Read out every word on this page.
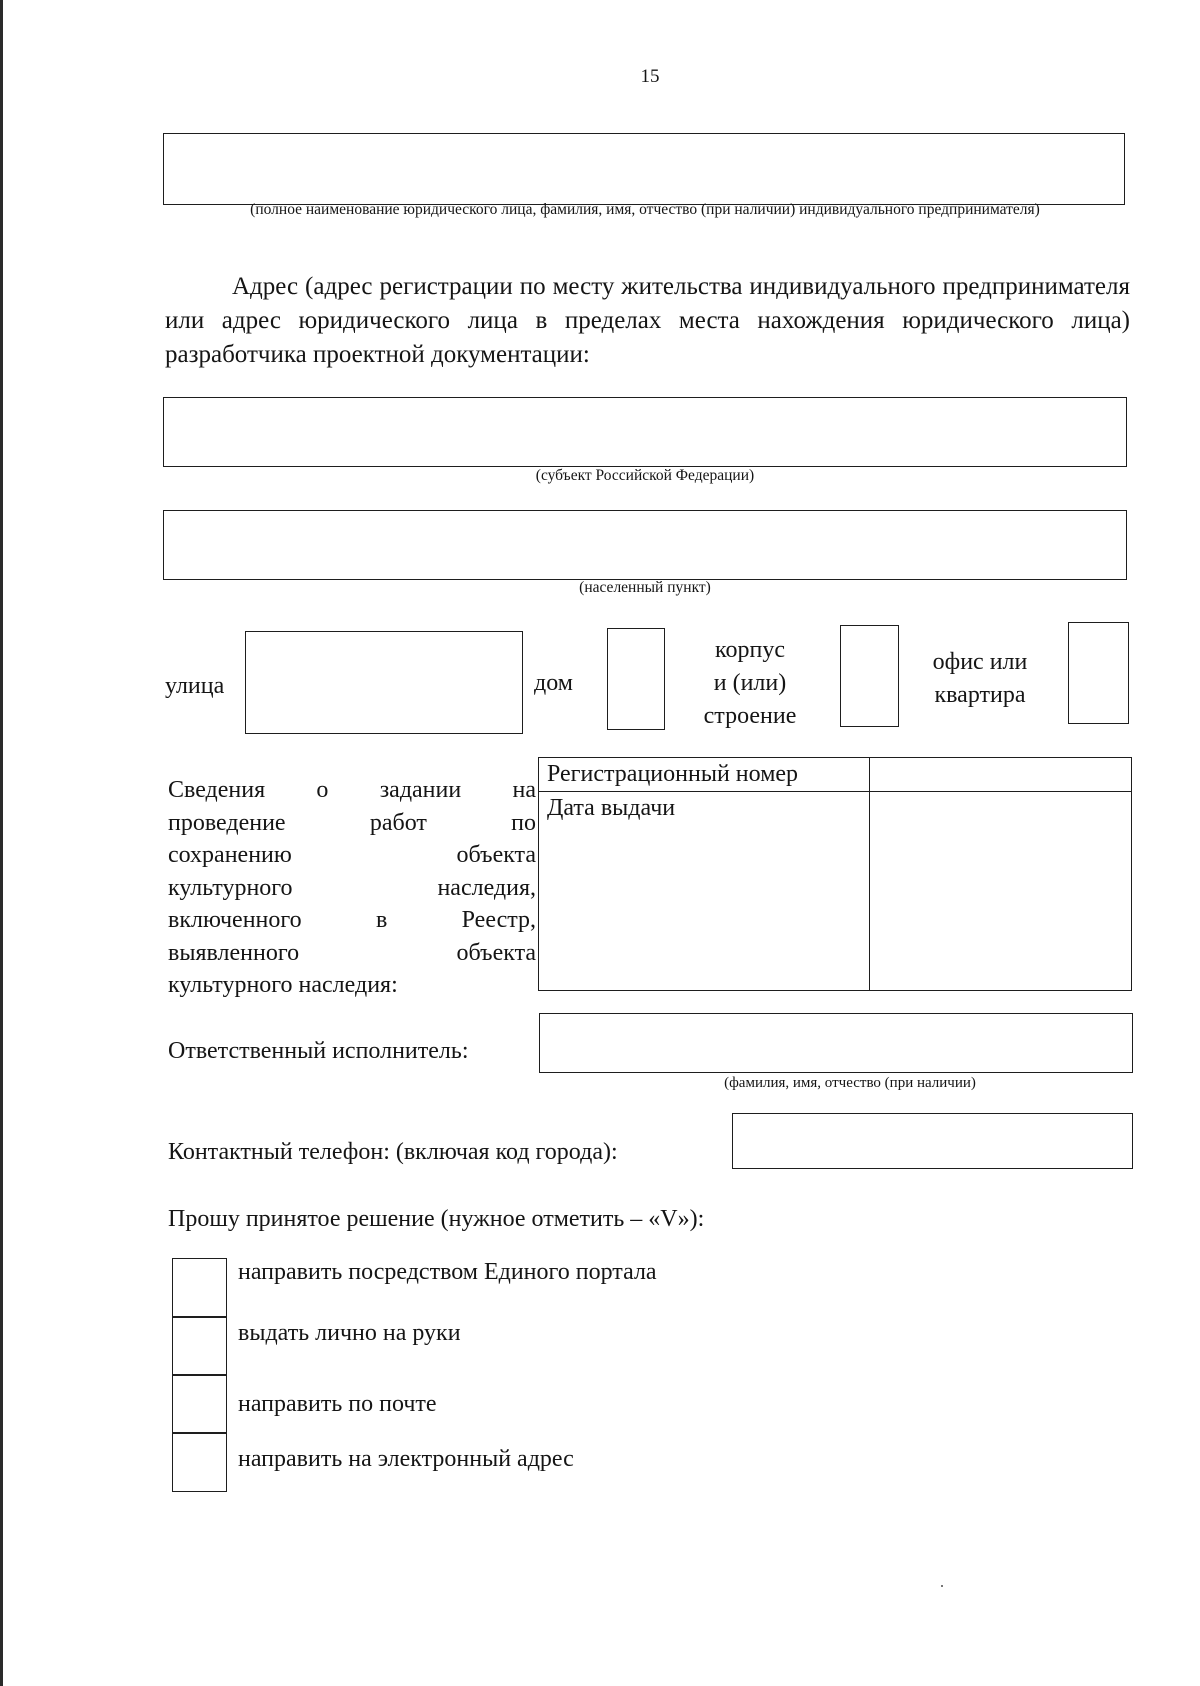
15
(полное наименование юридического лица, фамилия, имя, отчество (при наличии) индивидуального предпринимателя)
Адрес (адрес регистрации по месту жительства индивидуального предпринимателя или адрес юридического лица в пределах места нахождения юридического лица) разработчика проектной документации:
(субъект Российской Федерации)
(населенный пункт)
улица	дом
корпус
и (или)
строение
офис или
квартира
Сведения о задании на
проведение работ по
сохранению объекта
культурного наследия,
включенного в Реестр,
выявленного объекта
культурного наследия:
Регистрационный номер	
Дата выдачи	
Ответственный исполнитель:
(фамилия, имя, отчество (при наличии)
Контактный телефон: (включая код города):
Прошу принятое решение (нужное отметить – «V»):
направить посредством Единого портала
выдать лично на руки
направить по почте
направить на электронный адрес
